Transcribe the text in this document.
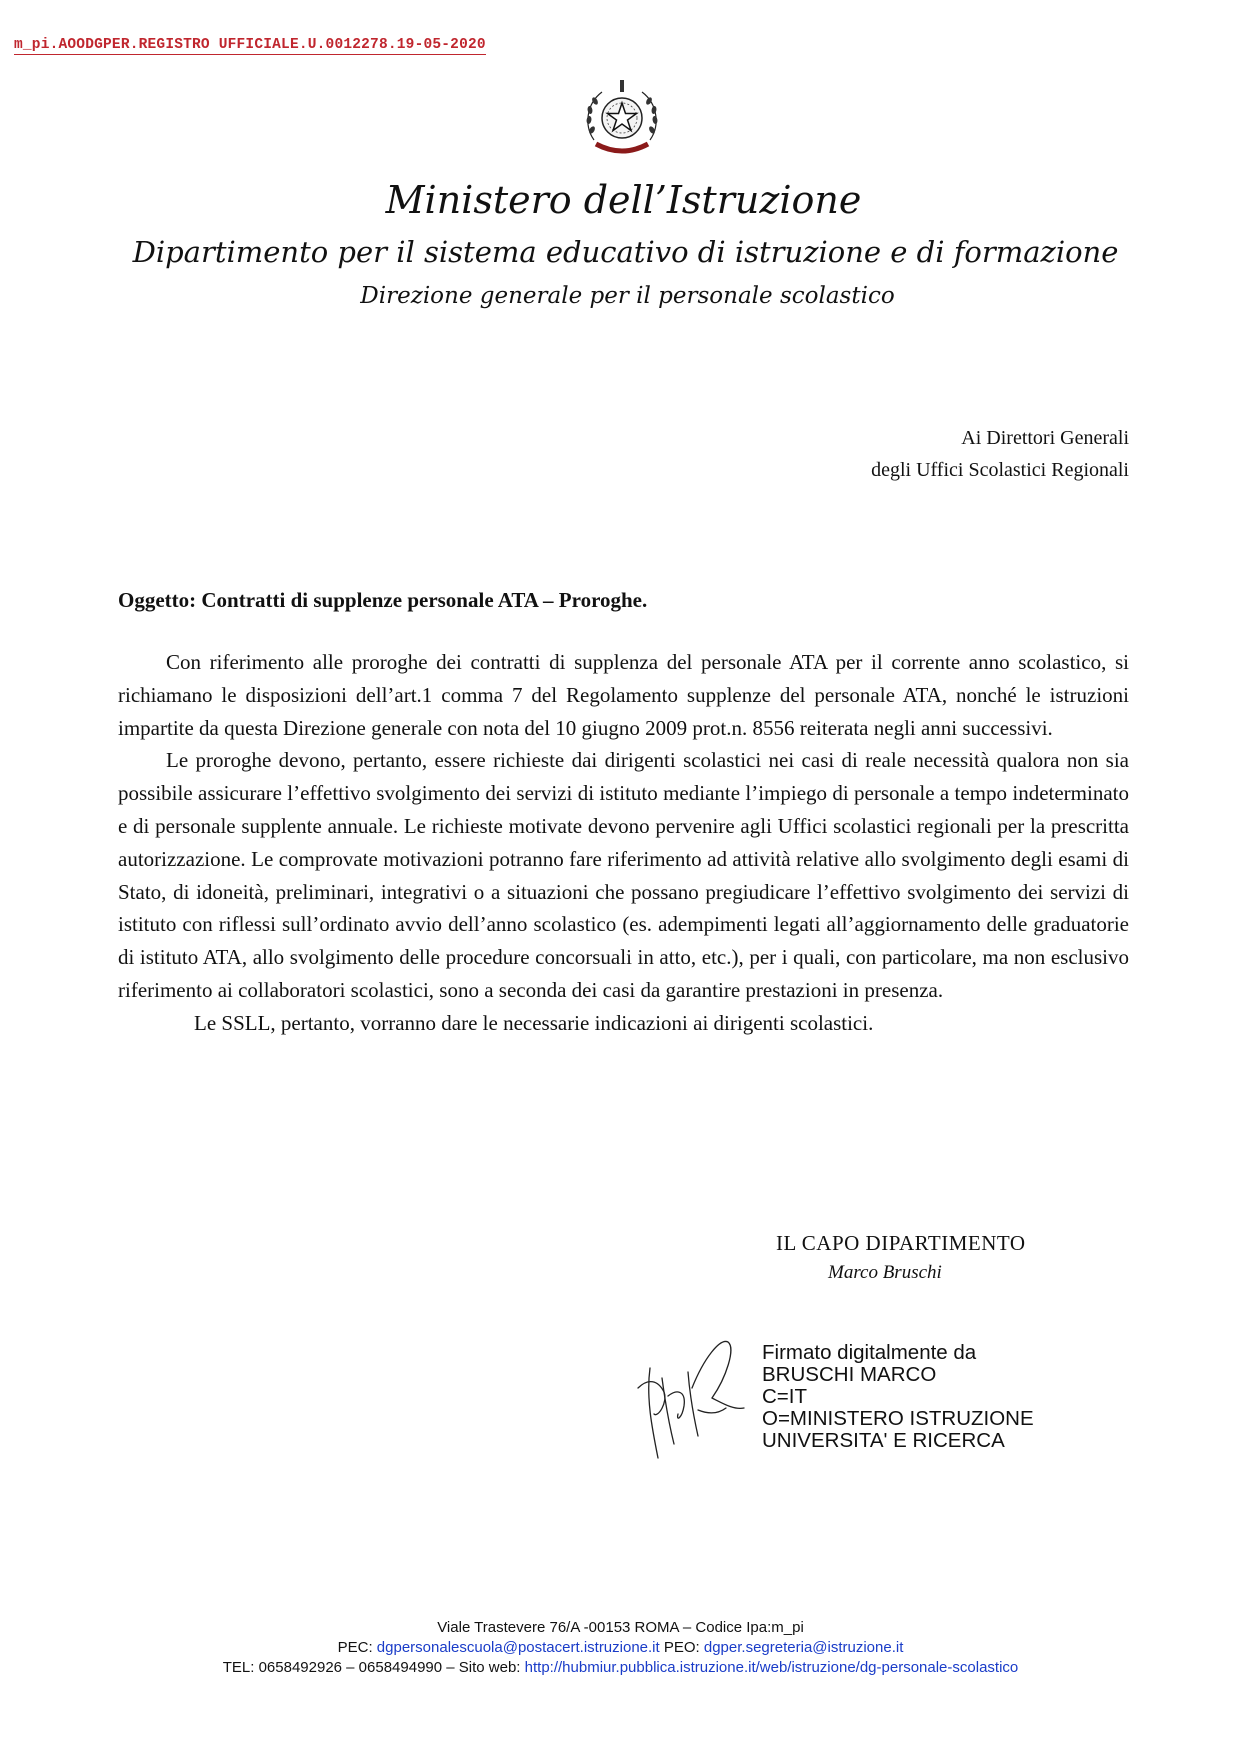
m_pi.AOODGPER.REGISTRO UFFICIALE.U.0012278.19-05-2020
Ministero dell’Istruzione
Dipartimento per il sistema educativo di istruzione e di formazione
Direzione generale per il personale scolastico
Ai Direttori Generali
degli Uffici Scolastici Regionali
Oggetto: Contratti di supplenze personale ATA – Proroghe.

Con riferimento alle proroghe dei contratti di supplenza del personale ATA per il corrente anno scolastico, si richiamano le disposizioni dell’art.1 comma 7 del Regolamento supplenze del personale ATA, nonché le istruzioni impartite da questa Direzione generale con nota del 10 giugno 2009 prot.n. 8556 reiterata negli anni successivi.

Le proroghe devono, pertanto, essere richieste dai dirigenti scolastici nei casi di reale necessità qualora non sia possibile assicurare l’effettivo svolgimento dei servizi di istituto mediante l’impiego di personale a tempo indeterminato e di personale supplente annuale. Le richieste motivate devono pervenire agli Uffici scolastici regionali per la prescritta autorizzazione. Le comprovate motivazioni potranno fare riferimento ad attività relative allo svolgimento degli esami di Stato, di idoneità, preliminari, integrativi o a situazioni che possano pregiudicare l’effettivo svolgimento dei servizi di istituto con riflessi sull’ordinato avvio dell’anno scolastico (es. adempimenti legati all’aggiornamento delle graduatorie di istituto ATA, allo svolgimento delle procedure concorsuali in atto, etc.), per i quali, con particolare, ma non esclusivo riferimento ai collaboratori scolastici, sono a seconda dei casi da garantire prestazioni in presenza.

Le SSLL, pertanto, vorranno dare le necessarie indicazioni ai dirigenti scolastici.

IL CAPO DIPARTIMENTO
Marco Bruschi
Firmato digitalmente da
BRUSCHI MARCO
C=IT
O=MINISTERO ISTRUZIONE
UNIVERSITA' E RICERCA
Viale Trastevere 76/A -00153 ROMA – Codice Ipa:m_pi
PEC: dgpersonalescuola@postacert.istruzione.it PEO: dgper.segreteria@istruzione.it
TEL: 0658492926 – 0658494990 – Sito web: http://hubmiur.pubblica.istruzione.it/web/istruzione/dg-personale-scolastico
